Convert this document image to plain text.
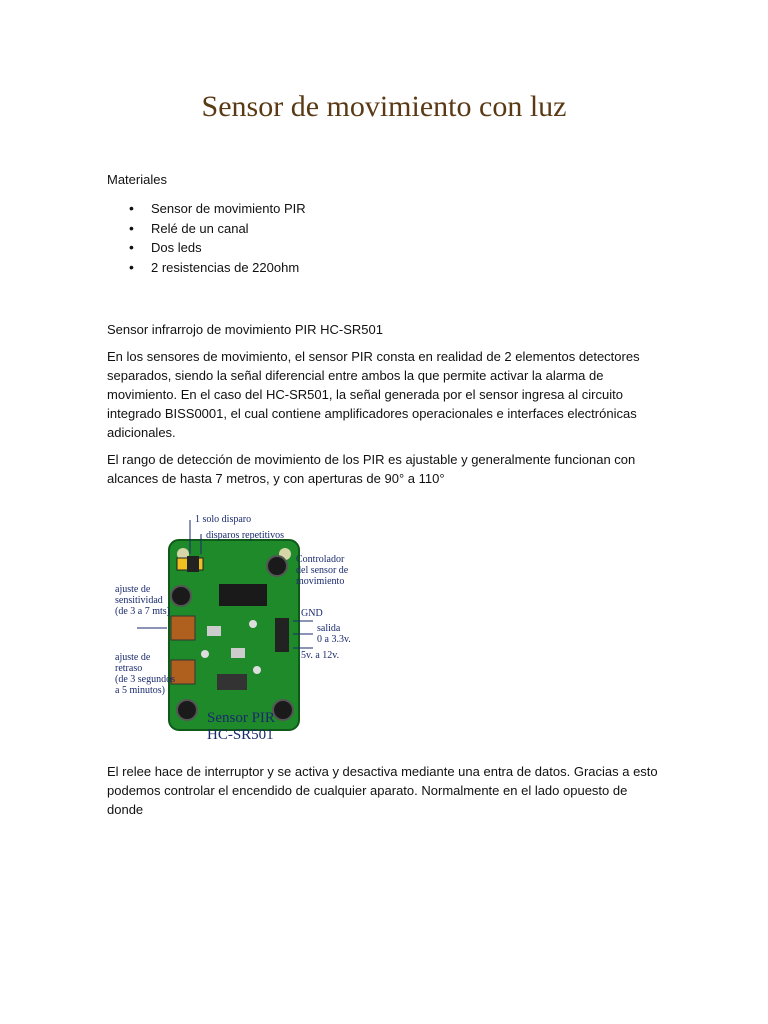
Sensor de movimiento con luz
Materiales
• Sensor de movimiento PIR
• Relé de un canal
• Dos leds
• 2 resistencias de 220ohm
Sensor infrarrojo de movimiento PIR HC-SR501

En los sensores de movimiento, el sensor PIR consta en realidad de 2 elementos detectores separados, siendo la señal diferencial entre ambos la que permite activar la alarma de movimiento. En el caso del HC-SR501, la señal generada por el sensor ingresa al circuito integrado BISS0001, el cual contiene amplificadores operacionales e interfaces electrónicas adicionales.

El rango de detección de movimiento de los PIR es ajustable y generalmente funcionan con alcances de hasta 7 metros, y con aperturas de 90° a 110°

1 solo disparo
disparos repetitivos
Controlador
del sensor de
movimiento
ajuste de
sensitividad
(de 3 a 7 mts)	GND
salida
0 a 3.3v.
5v. a 12v.
ajuste de
retraso
(de 3 segundos
a 5 minutos)
Sensor PIR
HC-SR501

El relee hace de interruptor y se activa y desactiva mediante una entra de datos. Gracias a esto podemos controlar el encendido de cualquier aparato. Normalmente en el lado opuesto de donde
